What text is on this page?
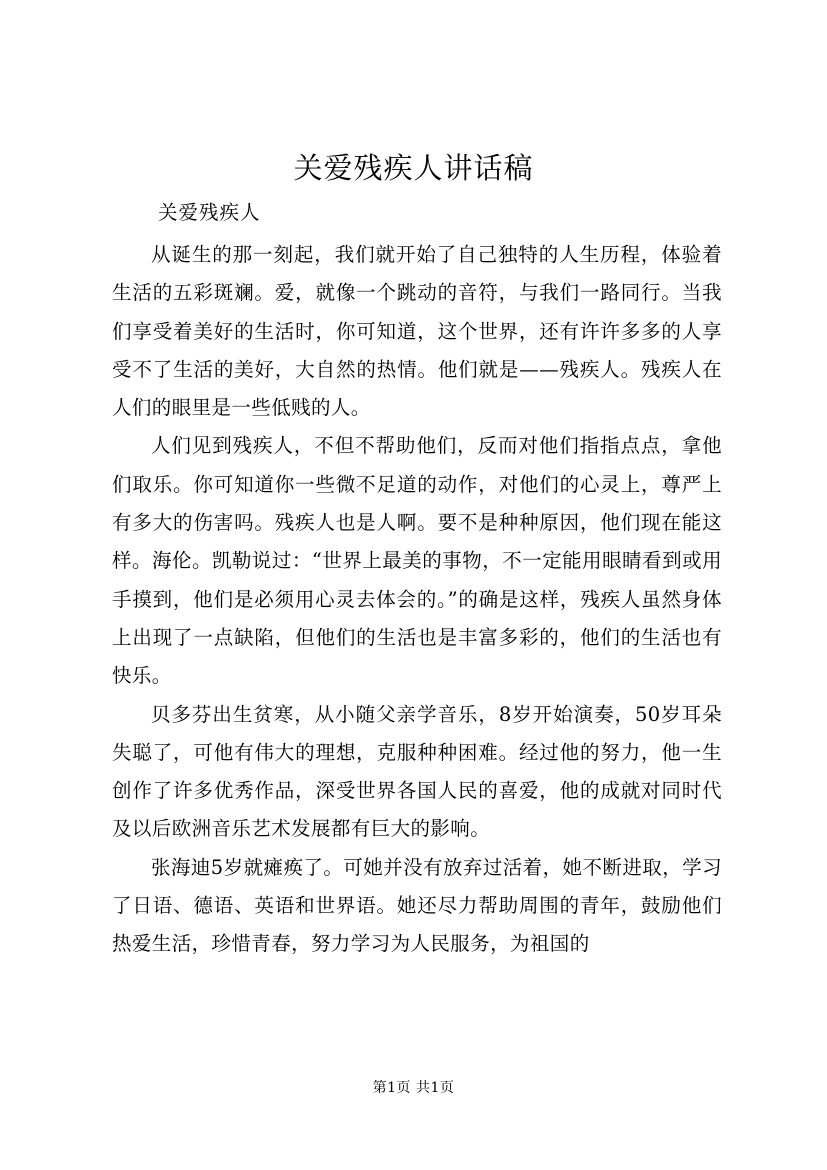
关爱残疾人讲话稿
关爱残疾人

从诞生的那一刻起，我们就开始了自己独特的人生历程，体验着生活的五彩斑斓。爱，就像一个跳动的音符，与我们一路同行。当我们享受着美好的生活时，你可知道，这个世界，还有许许多多的人享受不了生活的美好，大自然的热情。他们就是——残疾人。残疾人在人们的眼里是一些低贱的人。

人们见到残疾人，不但不帮助他们，反而对他们指指点点，拿他们取乐。你可知道你一些微不足道的动作，对他们的心灵上，尊严上有多大的伤害吗。残疾人也是人啊。要不是种种原因，他们现在能这样。海伦。凯勒说过：“世界上最美的事物，不一定能用眼睛看到或用手摸到，他们是必须用心灵去体会的。”的确是这样，残疾人虽然身体上出现了一点缺陷，但他们的生活也是丰富多彩的，他们的生活也有快乐。

贝多芬出生贫寒，从小随父亲学音乐，8岁开始演奏，50岁耳朵失聪了，可他有伟大的理想，克服种种困难。经过他的努力，他一生创作了许多优秀作品，深受世界各国人民的喜爱，他的成就对同时代及以后欧洲音乐艺术发展都有巨大的影响。

张海迪5岁就瘫痪了。可她并没有放弃过活着，她不断进取，学习了日语、德语、英语和世界语。她还尽力帮助周围的青年，鼓励他们热爱生活，珍惜青春，努力学习为人民服务，为祖国的

第1页 共1页
